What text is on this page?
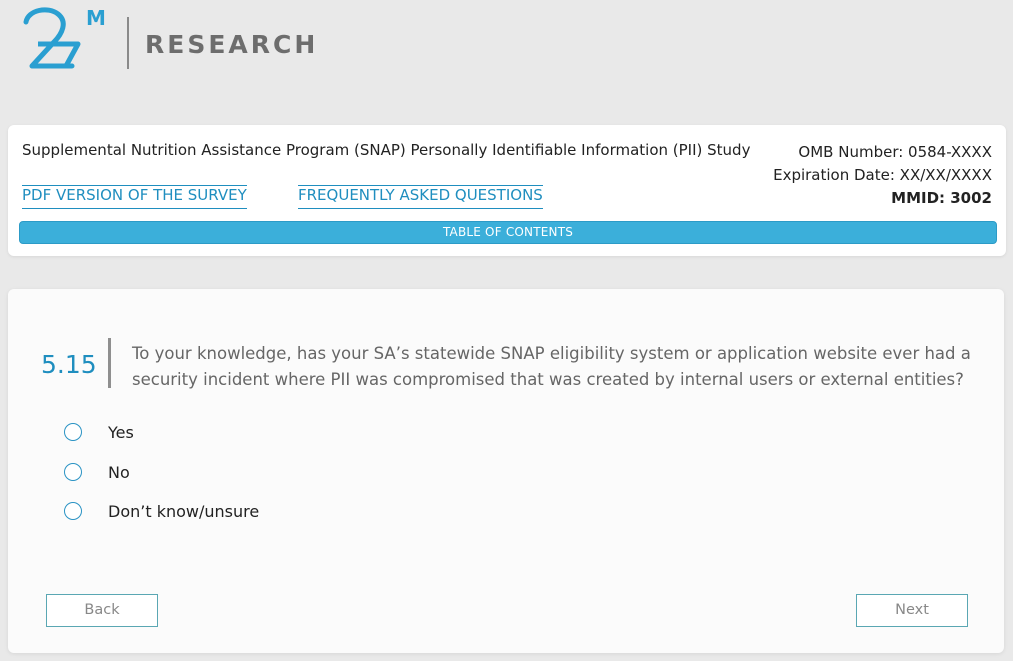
M
RESEARCH
Supplemental Nutrition Assistance Program (SNAP) Personally Identifiable Information (PII) Study	OMB Number: 0584-XXXX
Expiration Date: XX/XX/XXXX
MMID: 3002
PDF VERSION OF THE SURVEY	FREQUENTLY ASKED QUESTIONS
TABLE OF CONTENTS
5.15 To your knowledge, has your SA’s statewide SNAP eligibility system or application website ever had a security incident where PII was compromised that was created by internal users or external entities?
Yes
No
Don’t know/unsure
Back	Next
